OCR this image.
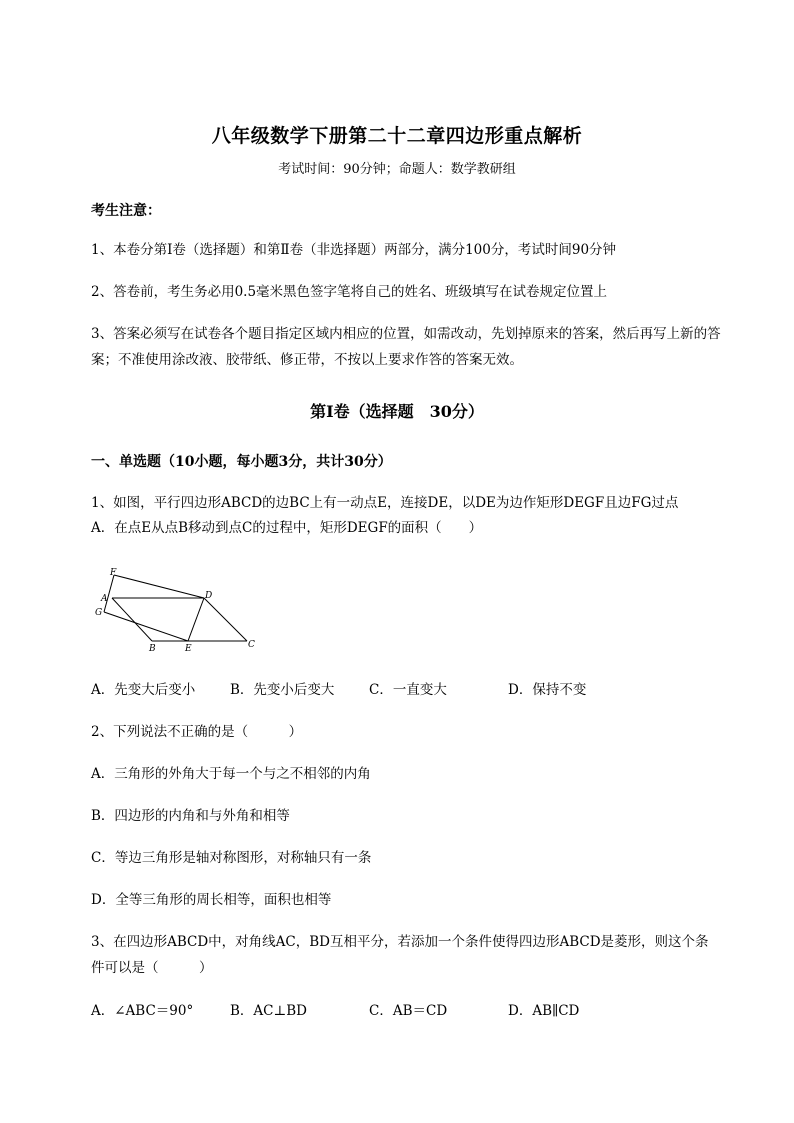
八年级数学下册第二十二章四边形重点解析
考试时间：90分钟；命题人：数学教研组
考生注意：
1、本卷分第I卷（选择题）和第Ⅱ卷（非选择题）两部分，满分100分，考试时间90分钟
2、答卷前，考生务必用0.5毫米黑色签字笔将自己的姓名、班级填写在试卷规定位置上
3、答案必须写在试卷各个题目指定区域内相应的位置，如需改动，先划掉原来的答案，然后再写上新的答案；不准使用涂改液、胶带纸、修正带，不按以上要求作答的答案无效。
第I卷（选择题　30分）
一、单选题（10小题，每小题3分，共计30分）
1、如图，平行四边形ABCD的边BC上有一动点E，连接DE，以DE为边作矩形DEGF且边FG过点
A．在点E从点B移动到点C的过程中，矩形DEGF的面积（　　）
F
A
G
D
B	E	C
A．先变大后变小	B．先变小后变大	C．一直变大	D．保持不变
2、下列说法不正确的是（　　　）
A．三角形的外角大于每一个与之不相邻的内角
B．四边形的内角和与外角和相等
C．等边三角形是轴对称图形，对称轴只有一条
D．全等三角形的周长相等，面积也相等
3、在四边形ABCD中，对角线AC，BD互相平分，若添加一个条件使得四边形ABCD是菱形，则这个条
件可以是（　　　）
A．∠ABC＝90°	B．AC⊥BD	C．AB＝CD	D．AB∥CD
